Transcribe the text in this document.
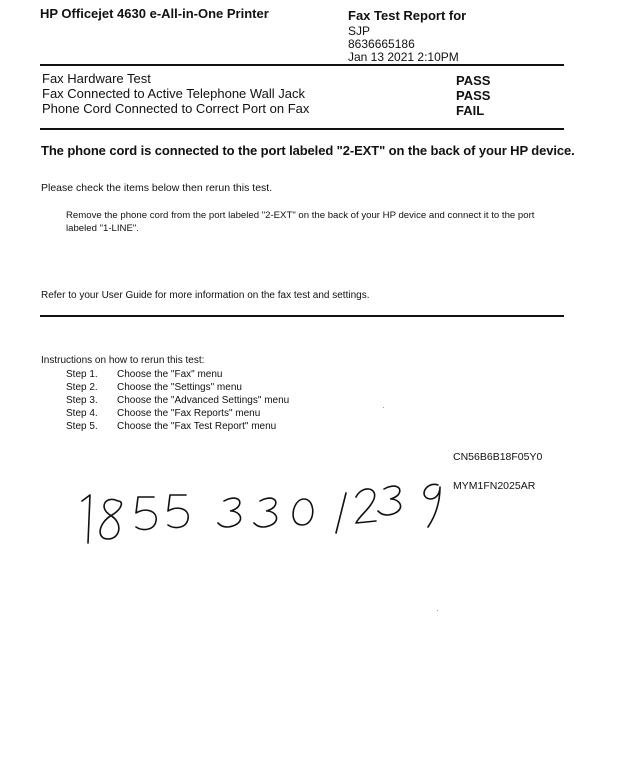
HP Officejet 4630 e-All-in-One Printer	Fax Test Report for
SJP
8636665186
Jan 13 2021 2:10PM
Fax Hardware Test	PASS
Fax Connected to Active Telephone Wall Jack	PASS
Phone Cord Connected to Correct Port on Fax	FAIL
The phone cord is connected to the port labeled "2-EXT" on the back of your HP device.
Please check the items below then rerun this test.
Remove the phone cord from the port labeled "2-EXT" on the back of your HP device and connect it to the port
labeled "1-LINE".
Refer to your User Guide for more information on the fax test and settings.
Instructions on how to rerun this test:
Step 1. Choose the "Fax" menu
Step 2. Choose the "Settings" menu
Step 3. Choose the "Advanced Settings" menu
Step 4. Choose the "Fax Reports" menu
Step 5. Choose the "Fax Test Report" menu
CN56B6B18F05Y0
MYM1FN2025AR
